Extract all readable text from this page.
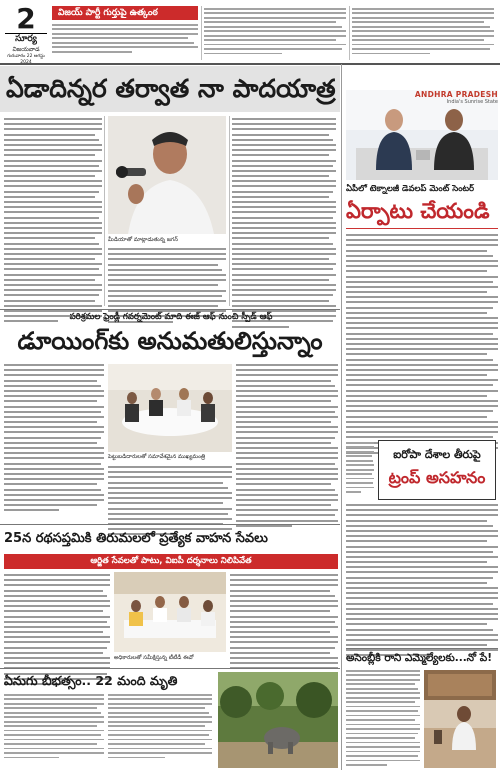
2
సూర్య
విజయవాడ
గురువారం 22 ఆగస్టు
విజయ్ పార్టీ గుర్తుపై ఉత్కంఠ
ఏడాదిన్నర తర్వాత నా పాదయాత్ర
మీడియాతో మాట్లాడుతున్న జగన్
ANDHRA PRADESH
India's Sunrise State
ఏపీలో టెక్నాలజీ డెవలప్ మెంట్ సెంటర్
ఏర్పాటు చేయండి
ఐరోపా దేశాల తీరుపై
ట్రంప్ అసహనం
అసెంబ్లీకి రాని ఎమ్మెల్యేలకు...నో పే!
పరిశ్రమల ఫ్రెండ్లీ గవర్నమెంట్ మాది ఈజ్ ఆఫ్ నుంచి స్పీడ్ ఆఫ్
డూయింగ్‌కు అనుమతులిస్తున్నాం
పెట్టుబడిదారులతో సమావేశమైన ముఖ్యమంత్రి
25న రథసప్తమికి తిరుమలలో ప్రత్యేక వాహన సేవలు
ఆర్జిత సేవలతో పాటు, విఐపీ దర్శనాలు నిలిపివేత
అధికారులతో సమీక్షిస్తున్న టీటీడీ ఈవో
ఏనుగు బీభత్సం.. 22 మంది మృతి
